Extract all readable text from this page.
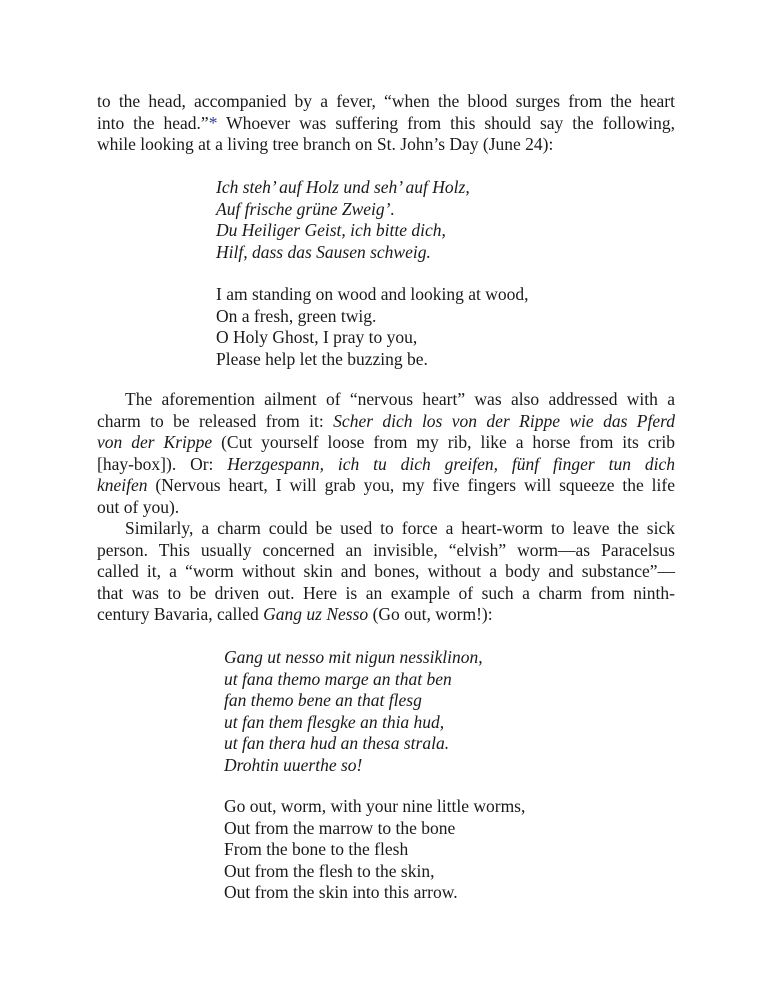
to the head, accompanied by a fever, “when the blood surges from the heart
into the head.”* Whoever was suffering from this should say the following,
while looking at a living tree branch on St. John’s Day (June 24):

Ich steh’ auf Holz und seh’ auf Holz,
Auf frische grüne Zweig’.
Du Heiliger Geist, ich bitte dich,
Hilf, dass das Sausen schweig.
I am standing on wood and looking at wood,
On a fresh, green twig.
O Holy Ghost, I pray to you,
Please help let the buzzing be.

The aforemention ailment of “nervous heart” was also addressed with a
charm to be released from it: Scher dich los von der Rippe wie das Pferd
von der Krippe (Cut yourself loose from my rib, like a horse from its crib
[hay-box]). Or: Herzgespann, ich tu dich greifen, fünf finger tun dich
kneifen (Nervous heart, I will grab you, my five fingers will squeeze the life
out of you).

Similarly, a charm could be used to force a heart-worm to leave the sick
person. This usually concerned an invisible, “elvish” worm—as Paracelsus
called it, a “worm without skin and bones, without a body and substance”—
that was to be driven out. Here is an example of such a charm from ninth-
century Bavaria, called Gang uz Nesso (Go out, worm!):

Gang ut nesso mit nigun nessiklinon,
ut fana themo marge an that ben
fan themo bene an that flesg
ut fan them flesgke an thia hud,
ut fan thera hud an thesa strala.
Drohtin uuerthe so!
Go out, worm, with your nine little worms,
Out from the marrow to the bone
From the bone to the flesh
Out from the flesh to the skin,
Out from the skin into this arrow.
